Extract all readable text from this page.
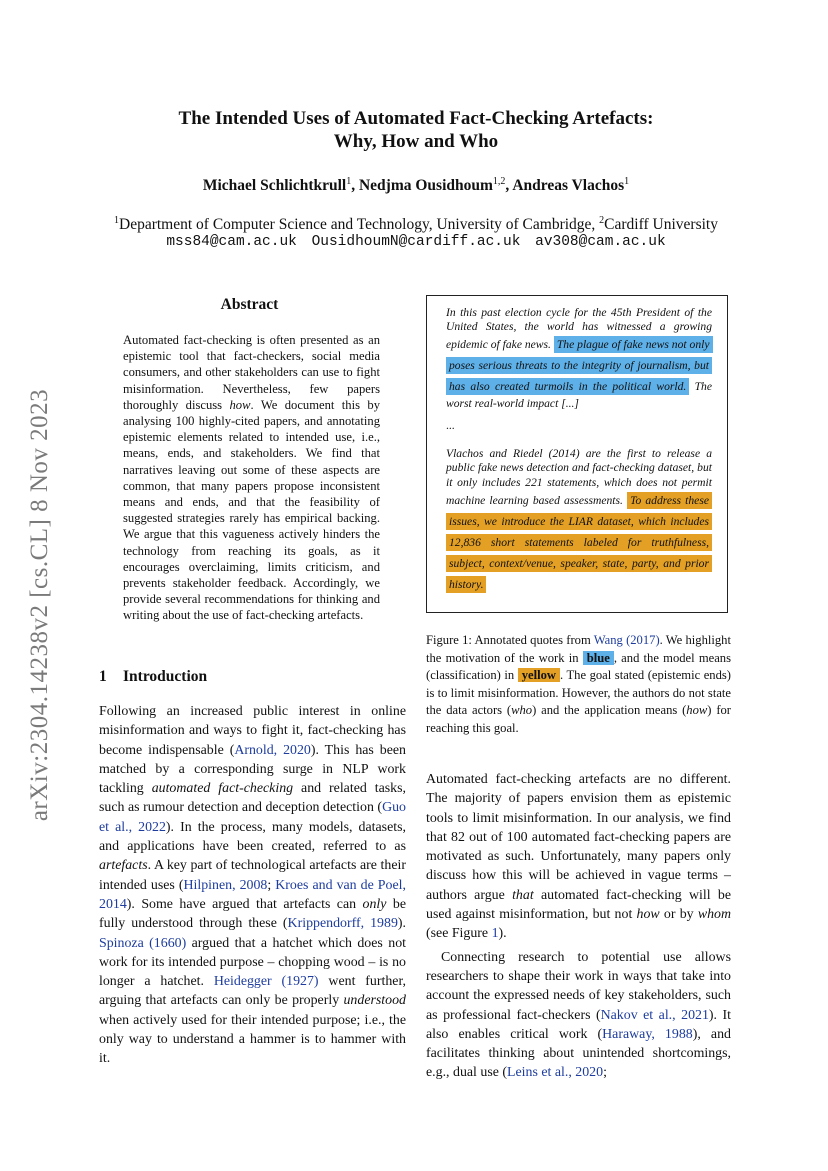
arXiv:2304.14238v2 [cs.CL] 8 Nov 2023
The Intended Uses of Automated Fact-Checking Artefacts:
Why, How and Who
Michael Schlichtkrull$^1$, Nedjma Ousidhoum$^{1,2}$, Andreas Vlachos$^1$
$^1$Department of Computer Science and Technology, University of Cambridge, $^2$Cardiff University
mss84@cam.ac.uk OusidhoumN@cardiff.ac.uk av308@cam.ac.uk
Abstract
Automated fact-checking is often presented as an epistemic tool that fact-checkers, social media consumers, and other stakeholders can use to fight misinformation. Nevertheless, few papers thoroughly discuss how. We document this by analysing 100 highly-cited papers, and annotating epistemic elements related to intended use, i.e., means, ends, and stakeholders. We find that narratives leaving out some of these aspects are common, that many papers propose inconsistent means and ends, and that the feasibility of suggested strategies rarely has empirical backing. We argue that this vagueness actively hinders the technology from reaching its goals, as it encourages overclaiming, limits criticism, and prevents stakeholder feedback. Accordingly, we provide several recommendations for thinking and writing about the use of fact-checking artefacts.
1 Introduction

Following an increased public interest in online misinformation and ways to fight it, fact-checking has become indispensable (Arnold, 2020). This has been matched by a corresponding surge in NLP work tackling automated fact-checking and related tasks, such as rumour detection and deception detection (Guo et al., 2022). In the process, many models, datasets, and applications have been created, referred to as artefacts. A key part of technological artefacts are their intended uses (Hilpinen, 2008; Kroes and van de Poel, 2014). Some have argued that artefacts can only be fully understood through these (Krippendorff, 1989). Spinoza (1660) argued that a hatchet which does not work for its intended purpose – chopping wood – is no longer a hatchet. Heidegger (1927) went further, arguing that artefacts can only be properly understood when actively used for their intended purpose; i.e., the only way to understand a hammer is to hammer with it.

In this past election cycle for the 45th President of the United States, the world has witnessed a growing epidemic of fake news. The plague of fake news not only poses serious threats to the integrity of journalism, but has also created turmoils in the political world. The worst real-world impact [...]
...
Vlachos and Riedel (2014) are the first to release a public fake news detection and fact-checking dataset, but it only includes 221 statements, which does not permit machine learning based assessments. To address these issues, we introduce the LIAR dataset, which includes 12,836 short statements labeled for truthfulness, subject, context/venue, speaker, state, party, and prior history.
Figure 1: Annotated quotes from Wang (2017). We highlight the motivation of the work in blue , and the model means (classification) in yellow . The goal stated (epistemic ends) is to limit misinformation. However, the authors do not state the data actors (who) and the application means (how) for reaching this goal.

Automated fact-checking artefacts are no different. The majority of papers envision them as epistemic tools to limit misinformation. In our analysis, we find that 82 out of 100 automated fact-checking papers are motivated as such. Unfortunately, many papers only discuss how this will be achieved in vague terms – authors argue that automated fact-checking will be used against misinformation, but not how or by whom (see Figure 1).

Connecting research to potential use allows researchers to shape their work in ways that take into account the expressed needs of key stakeholders, such as professional fact-checkers (Nakov et al., 2021). It also enables critical work (Haraway, 1988), and facilitates thinking about unintended shortcomings, e.g., dual use (Leins et al., 2020;
